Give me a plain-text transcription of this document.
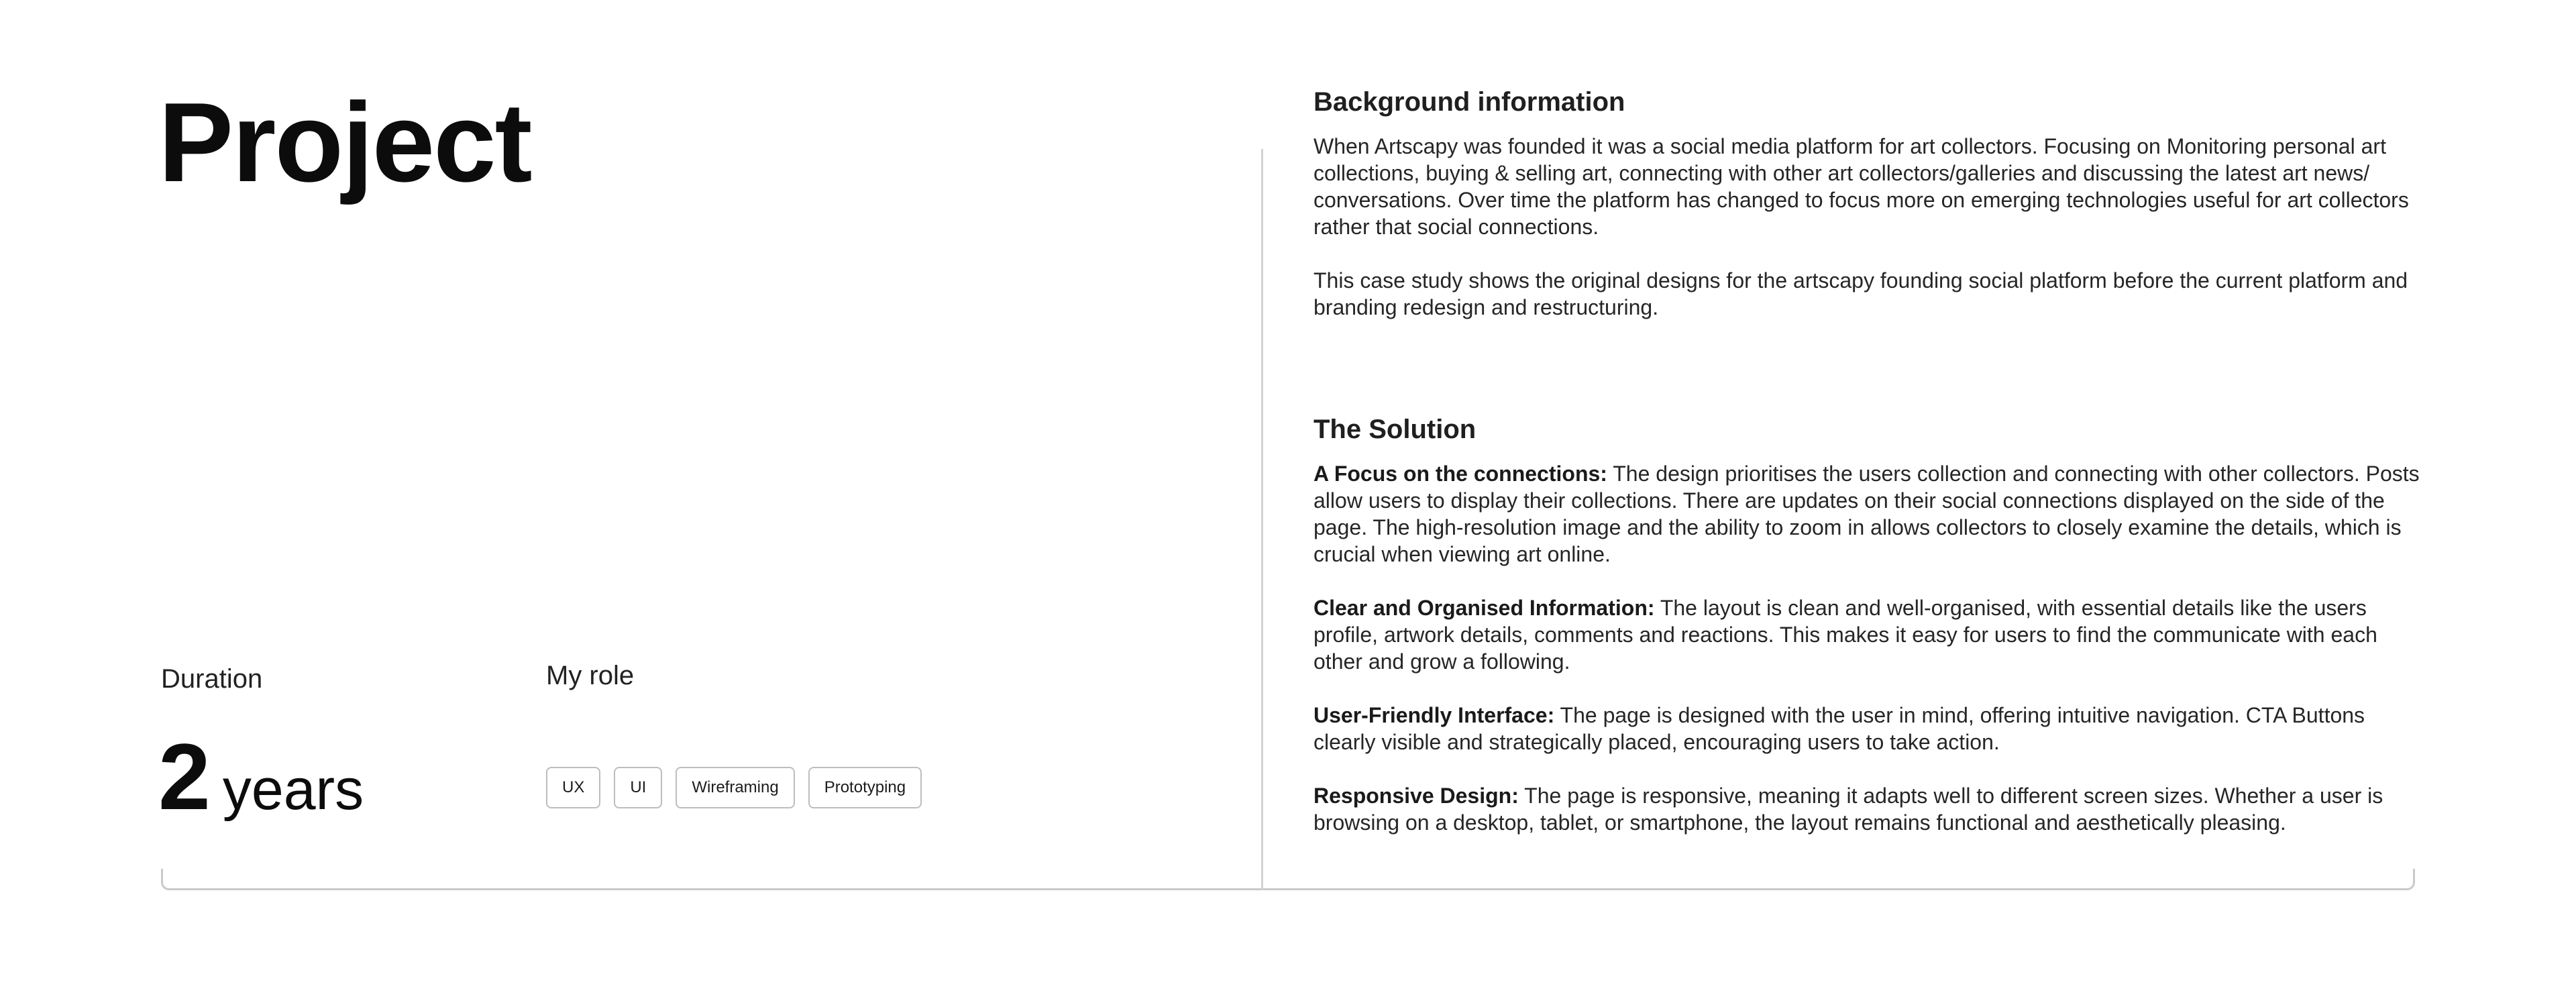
Project
Duration
2 years
My role
UX	UI	Wireframing	Prototyping
Background information

When Artscapy was founded it was a social media platform for art collectors. Focusing on Monitoring personal art collections, buying & selling art, connecting with other art collectors/galleries and discussing the latest art news/ conversations. Over time the platform has changed to focus more on emerging technologies useful for art collectors rather that social connections.

This case study shows the original designs for the artscapy founding social platform before the current platform and branding redesign and restructuring.

The Solution

A Focus on the connections: The design prioritises the users collection and connecting with other collectors. Posts allow users to display their collections. There are updates on their social connections displayed on the side of the page. The high-resolution image and the ability to zoom in allows collectors to closely examine the details, which is crucial when viewing art online.

Clear and Organised Information: The layout is clean and well-organised, with essential details like the users profile, artwork details, comments and reactions. This makes it easy for users to find the communicate with each other and grow a following.

User-Friendly Interface: The page is designed with the user in mind, offering intuitive navigation. CTA Buttons clearly visible and strategically placed, encouraging users to take action.

Responsive Design: The page is responsive, meaning it adapts well to different screen sizes. Whether a user is browsing on a desktop, tablet, or smartphone, the layout remains functional and aesthetically pleasing.
